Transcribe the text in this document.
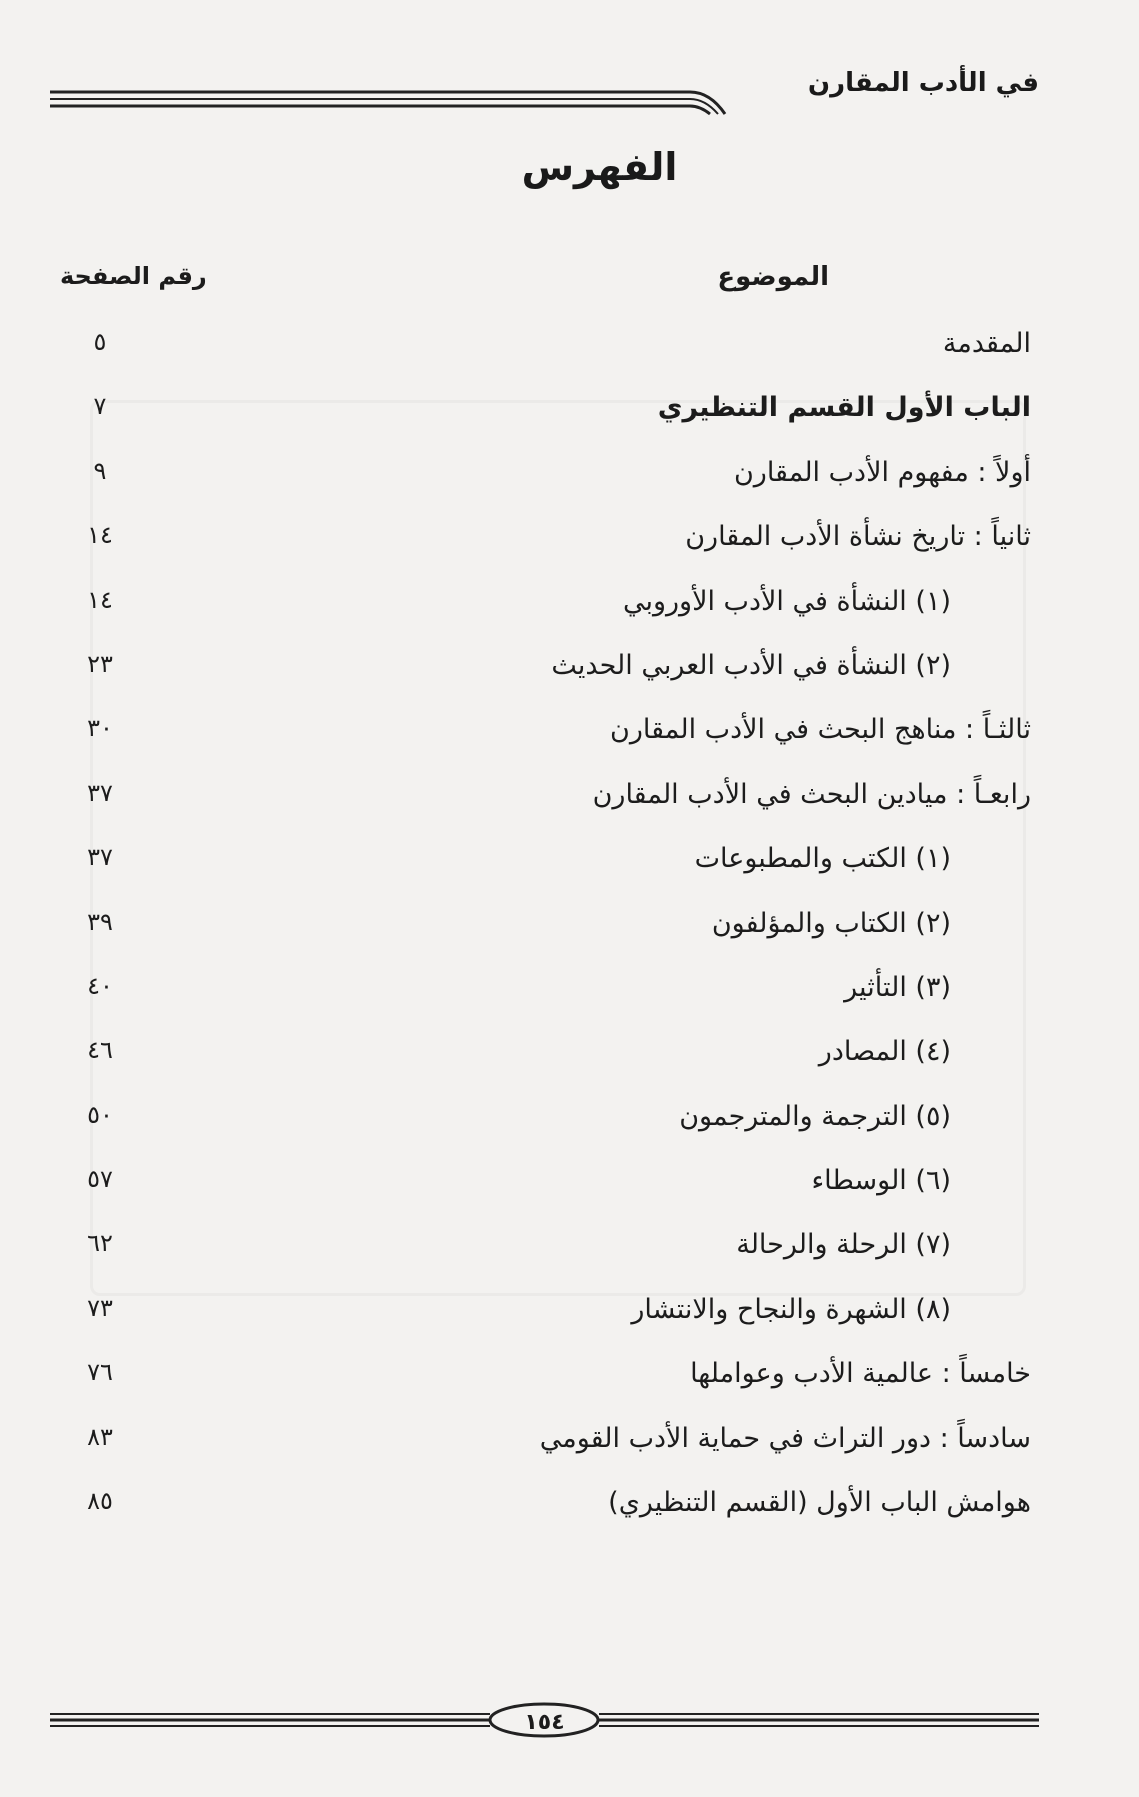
في الأدب المقارن
الفهرس
الموضوع
رقم الصفحة
المقدمة
٥
الباب الأول القسم التنظيري
٧
أولاً : مفهوم الأدب المقارن
٩
ثانياً : تاريخ نشأة الأدب المقارن
١٤
(١) النشأة في الأدب الأوروبي
١٤
(٢) النشأة في الأدب العربي الحديث
٢٣
ثالثـاً : مناهج البحث في الأدب المقارن
٣٠
رابعـاً : ميادين البحث في الأدب المقارن
٣٧
(١) الكتب والمطبوعات
٣٧
(٢) الكتاب والمؤلفون
٣٩
(٣) التأثير
٤٠
(٤) المصادر
٤٦
(٥) الترجمة والمترجمون
٥٠
(٦) الوسطاء
٥٧
(٧) الرحلة والرحالة
٦٢
(٨) الشهرة والنجاح والانتشار
٧٣
خامساً : عالمية الأدب وعواملها
٧٦
سادساً : دور التراث في حماية الأدب القومي
٨٣
هوامش الباب الأول (القسم التنظيري)
٨٥
١٥٤
